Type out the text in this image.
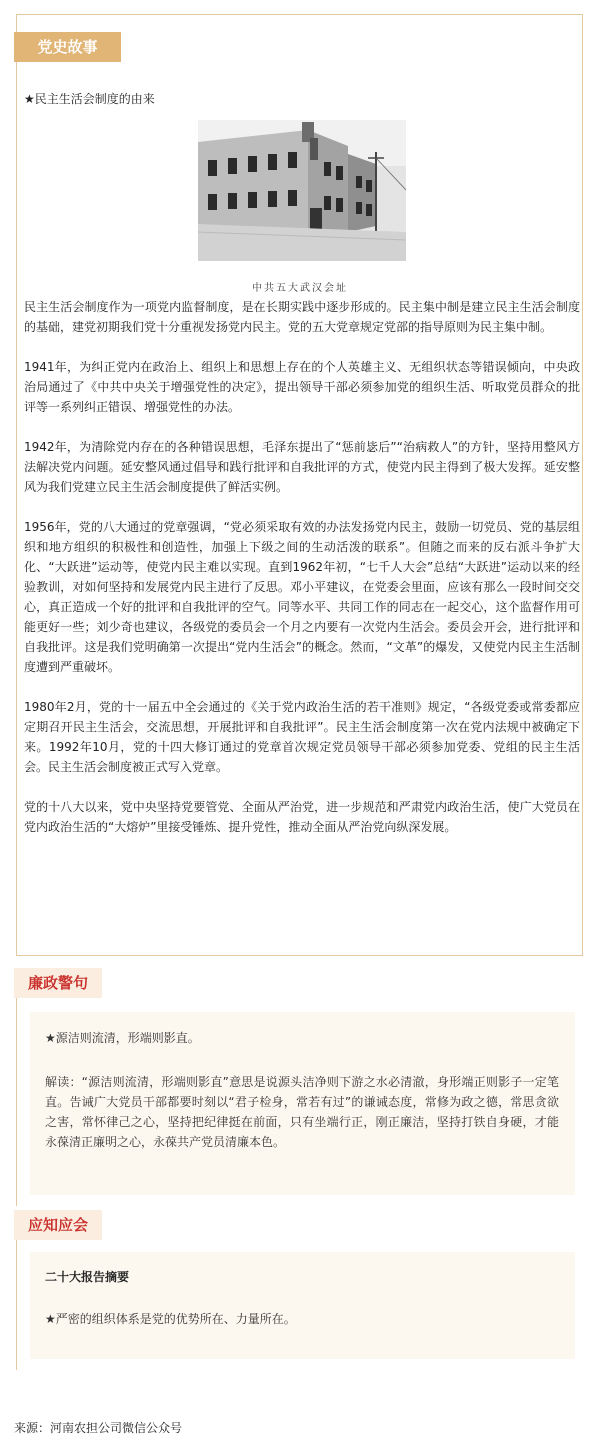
党史故事
★民主生活会制度的由来
中共五大武汉会址

民主生活会制度作为一项党内监督制度，是在长期实践中逐步形成的。民主集中制是建立民主生活会制度的基础，建党初期我们党十分重视发扬党内民主。党的五大党章规定党部的指导原则为民主集中制。

1941年，为纠正党内在政治上、组织上和思想上存在的个人英雄主义、无组织状态等错误倾向，中央政治局通过了《中共中央关于增强党性的决定》，提出领导干部必须参加党的组织生活、听取党员群众的批评等一系列纠正错误、增强党性的办法。

1942年，为清除党内存在的各种错误思想，毛泽东提出了“惩前毖后”“治病救人”的方针，坚持用整风方法解决党内问题。延安整风通过倡导和践行批评和自我批评的方式，使党内民主得到了极大发挥。延安整风为我们党建立民主生活会制度提供了鲜活实例。

1956年，党的八大通过的党章强调，“党必须采取有效的办法发扬党内民主，鼓励一切党员、党的基层组织和地方组织的积极性和创造性，加强上下级之间的生动活泼的联系”。但随之而来的反右派斗争扩大化、“大跃进”运动等，使党内民主难以实现。直到1962年初，“七千人大会”总结“大跃进”运动以来的经验教训，对如何坚持和发展党内民主进行了反思。邓小平建议，在党委会里面，应该有那么一段时间交交心，真正造成一个好的批评和自我批评的空气。同等水平、共同工作的同志在一起交心，这个监督作用可能更好一些；刘少奇也建议，各级党的委员会一个月之内要有一次党内生活会。委员会开会，进行批评和自我批评。这是我们党明确第一次提出“党内生活会”的概念。然而，“文革”的爆发，又使党内民主生活制度遭到严重破坏。

1980年2月，党的十一届五中全会通过的《关于党内政治生活的若干准则》规定，“各级党委或常委都应定期召开民主生活会，交流思想，开展批评和自我批评”。民主生活会制度第一次在党内法规中被确定下来。1992年10月，党的十四大修订通过的党章首次规定党员领导干部必须参加党委、党组的民主生活会。民主生活会制度被正式写入党章。

党的十八大以来，党中央坚持党要管党、全面从严治党，进一步规范和严肃党内政治生活，使广大党员在党内政治生活的“大熔炉”里接受锤炼、提升党性，推动全面从严治党向纵深发展。

廉政警句
★源洁则流清，形端则影直。
解读：“源洁则流清，形端则影直”意思是说源头洁净则下游之水必清澈，身形端正则影子一定笔直。告诫广大党员干部都要时刻以“君子检身，常若有过”的谦诫态度，常修为政之德，常思贪欲之害，常怀律己之心，坚持把纪律挺在前面，只有坐端行正，刚正廉洁，坚持打铁自身硬，才能永葆清正廉明之心，永葆共产党员清廉本色。
应知应会
二十大报告摘要
★严密的组织体系是党的优势所在、力量所在。
来源：河南农担公司微信公众号
